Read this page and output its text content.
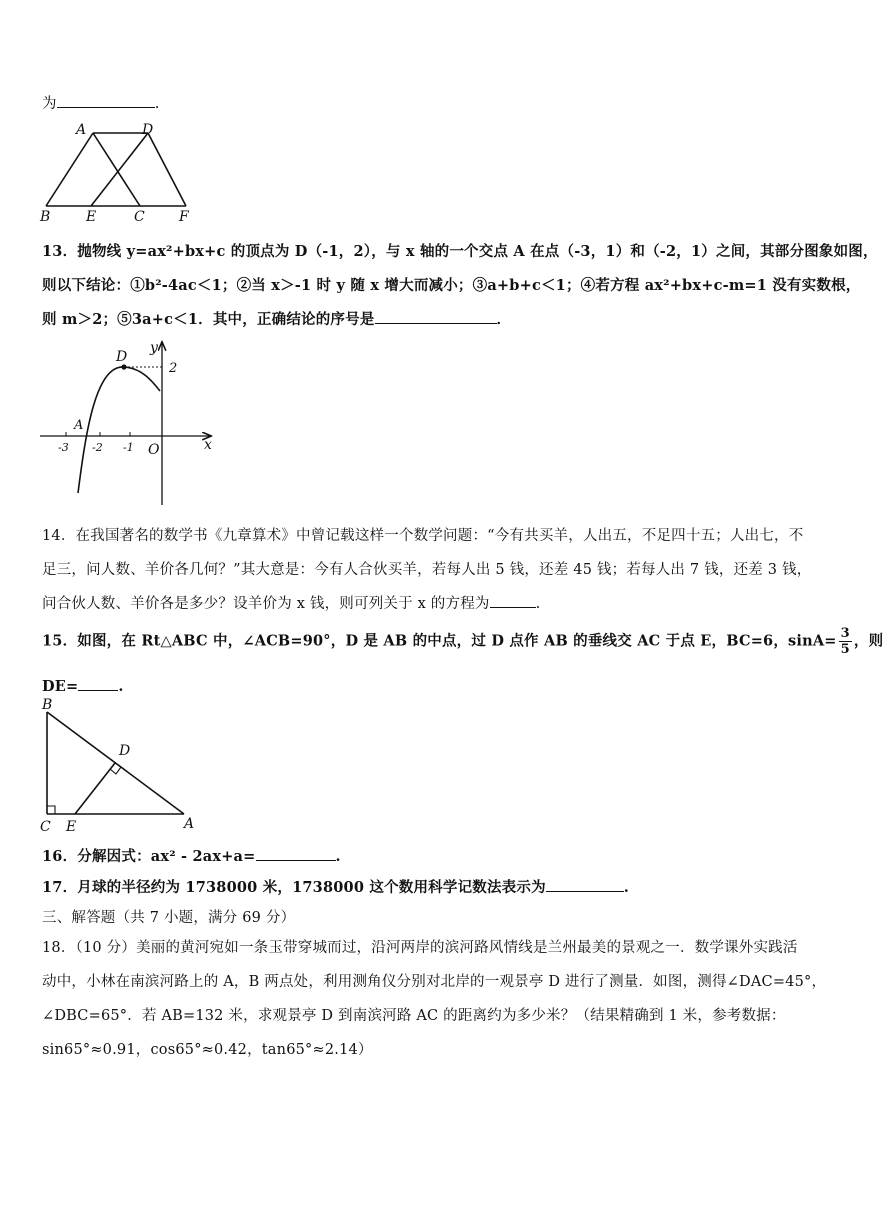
为	.
A	D
B	E	C F
13．抛物线 y=ax²+bx+c 的顶点为 D（-1，2），与 x 轴的一个交点 A 在点（-3，1）和（-2，1）之间，其部分图象如图，
则以下结论：①b²-4ac＜1；②当 x＞-1 时 y 随 x 增大而减小；③a+b+c＜1；④若方程 ax²+bx+c-m=1 没有实数根，
则 m＞2；⑤3a+c＜1．其中，正确结论的序号是	．
D
y
2
A
x
O
-3 -2 -1
14．在我国著名的数学书《九章算术》中曾记载这样一个数学问题：“今有共买羊，人出五，不足四十五；人出七，不
足三，问人数、羊价各几何？”其大意是：今有人合伙买羊，若每人出 5 钱，还差 45 钱；若每人出 7 钱，还差 3 钱，
问合伙人数、羊价各是多少？设羊价为 x 钱，则可列关于 x 的方程为	.
15．如图，在 Rt△ABC 中，∠ACB=90°，D 是 AB 的中点，过 D 点作 AB 的垂线交 AC 于点 E，BC=6，$\sin A= \frac{3}{5}$ ，则
DE=	.
B
D
C E	A
16．分解因式：ax² - 2ax+a=	.
17．月球的半径约为 1738000 米，1738000 这个数用科学记数法表示为	.
三、解答题（共 7 小题，满分 69 分）
18．（10 分）美丽的黄河宛如一条玉带穿城而过，沿河两岸的滨河路风情线是兰州最美的景观之一．数学课外实践活
动中，小林在南滨河路上的 A，B 两点处，利用测角仪分别对北岸的一观景亭 D 进行了测量．如图，测得∠DAC=45°，
∠DBC=65°．若 AB=132 米，求观景亭 D 到南滨河路 AC 的距离约为多少米？（结果精确到 1 米，参考数据：
sin65°≈0.91，cos65°≈0.42，tan65°≈2.14）
